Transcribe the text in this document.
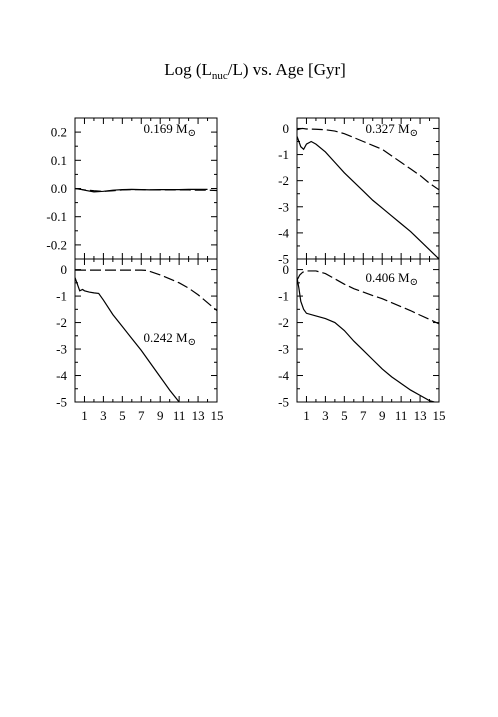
Log $(L_{nuc}/L)$ vs. Age [Gyr]
0.2
0.1
0.0
-0.1
-0.2
0.169 $M_⊙$	0
-1
-2
-3
-4
-5
0.327 $M_⊙$
0
-1
-2
-3
-4
-5
1 3 5 7 9 11 13 15
0.242 $M_⊙$
0
-1
-2
-3
-4
-5
1 3 5 7 9 11 13 15
0.406 $M_⊙$
